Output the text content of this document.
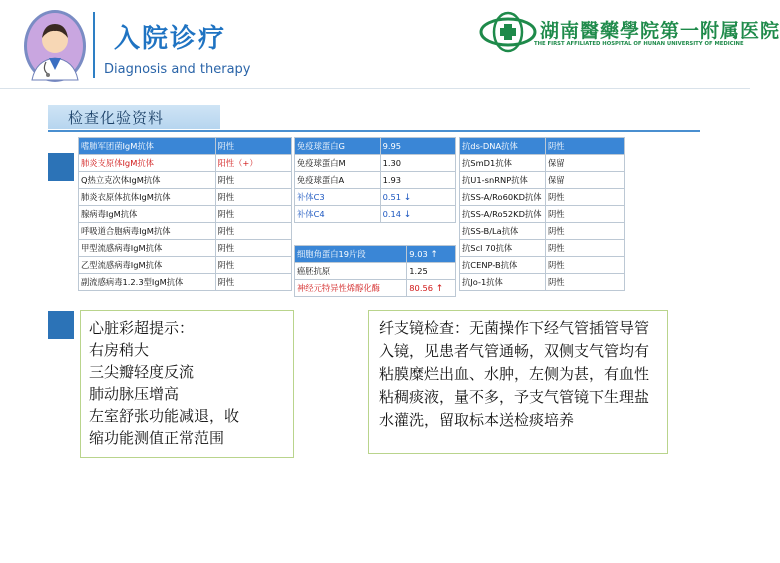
入院诊疗
Diagnosis and therapy
湖南醫藥學院第一附属医院
THE FIRST AFFILIATED HOSPITAL OF HUNAN UNIVERSITY OF MEDICINE
检查化验资料
嗜肺军团菌IgM抗体	阴性
肺炎支原体IgM抗体	阳性（+）
Q热立克次体IgM抗体	阴性
肺炎衣原体抗体IgM抗体	阴性
腺病毒IgM抗体	阴性
呼吸道合胞病毒IgM抗体	阴性
甲型流感病毒IgM抗体	阴性
乙型流感病毒IgM抗体	阴性
副流感病毒1.2.3型IgM抗体	阴性
免疫球蛋白G	9.95
免疫球蛋白M	1.30
免疫球蛋白A	1.93
补体C3	0.51 ↓
补体C4	0.14 ↓
细胞角蛋白19片段	9.03 ↑
癌胚抗原	1.25
神经元特异性烯醇化酶	80.56 ↑
抗ds-DNA抗体	阴性
抗SmD1抗体	保留
抗U1-snRNP抗体	保留
抗SS-A/Ro60KD抗体	阴性
抗SS-A/Ro52KD抗体	阴性
抗SS-B/La抗体	阴性
抗Scl 70抗体	阴性
抗CENP-B抗体	阴性
抗Jo-1抗体	阴性
心脏彩超提示：
右房稍大
三尖瓣轻度反流
肺动脉压增高
左室舒张功能减退，收
缩功能测值正常范围
纤支镜检查：无菌操作下经气管插管导管入镜，见患者气管通畅，双侧支气管均有粘膜糜烂出血、水肿，左侧为甚，有血性粘稠痰液，量不多，予支气管镜下生理盐水灌洗，留取标本送检痰培养
